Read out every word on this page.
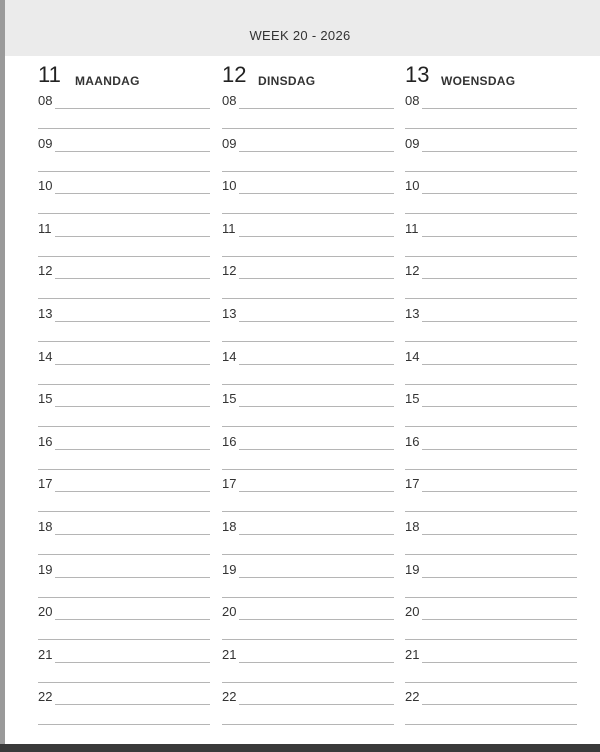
WEEK 20 - 2026
11 MAANDAG
08
09
10
11
12
13
14
15
16
17
18
19
20
21
22
12 DINSDAG
08
09
10
11
12
13
14
15
16
17
18
19
20
21
22
13 WOENSDAG
08
09
10
11
12
13
14
15
16
17
18
19
20
21
22
